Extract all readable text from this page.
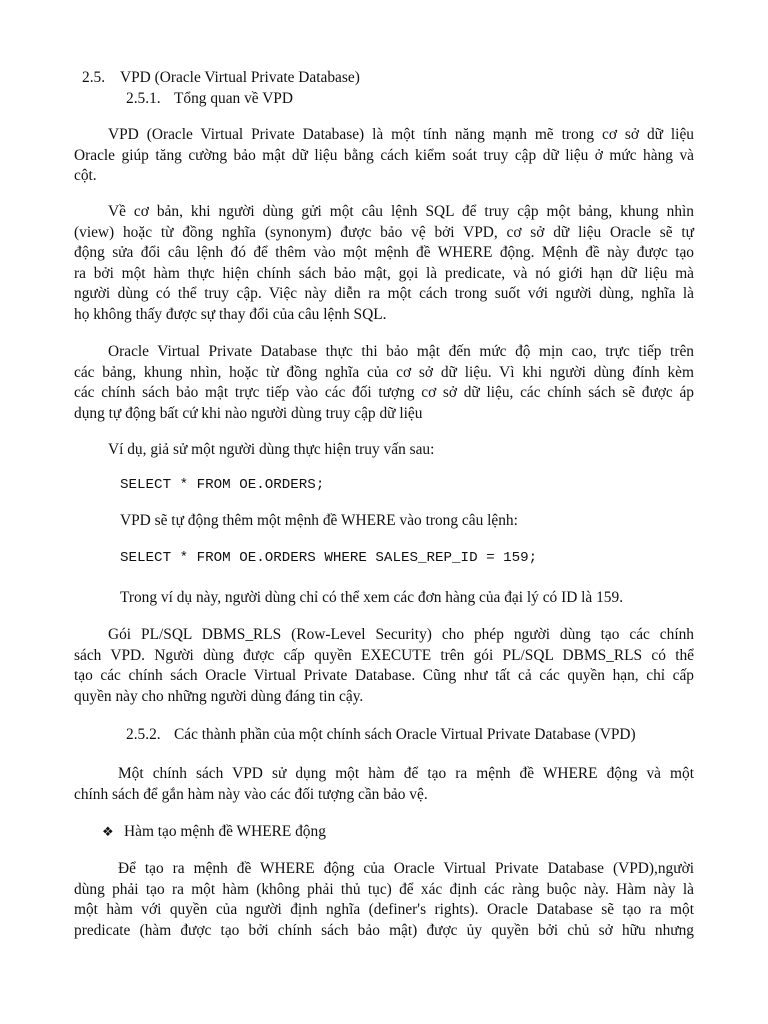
2.5. VPD (Oracle Virtual Private Database)
2.5.1. Tổng quan về VPD
VPD (Oracle Virtual Private Database) là một tính năng mạnh mẽ trong cơ sở dữ liệu
Oracle giúp tăng cường bảo mật dữ liệu bằng cách kiểm soát truy cập dữ liệu ở mức hàng và
cột.
Về cơ bản, khi người dùng gửi một câu lệnh SQL để truy cập một bảng, khung nhìn
(view) hoặc từ đồng nghĩa (synonym) được bảo vệ bởi VPD, cơ sở dữ liệu Oracle sẽ tự
động sửa đổi câu lệnh đó để thêm vào một mệnh đề WHERE động. Mệnh đề này được tạo
ra bởi một hàm thực hiện chính sách bảo mật, gọi là predicate, và nó giới hạn dữ liệu mà
người dùng có thể truy cập. Việc này diễn ra một cách trong suốt với người dùng, nghĩa là
họ không thấy được sự thay đổi của câu lệnh SQL.
Oracle Virtual Private Database thực thi bảo mật đến mức độ mịn cao, trực tiếp trên
các bảng, khung nhìn, hoặc từ đồng nghĩa của cơ sở dữ liệu. Vì khi người dùng đính kèm
các chính sách bảo mật trực tiếp vào các đối tượng cơ sở dữ liệu, các chính sách sẽ được áp
dụng tự động bất cứ khi nào người dùng truy cập dữ liệu

Ví dụ, giả sử một người dùng thực hiện truy vấn sau:

SELECT * FROM OE.ORDERS;

VPD sẽ tự động thêm một mệnh đề WHERE vào trong câu lệnh:

SELECT * FROM OE.ORDERS WHERE SALES_REP_ID = 159;

Trong ví dụ này, người dùng chỉ có thể xem các đơn hàng của đại lý có ID là 159.

Gói PL/SQL DBMS_RLS (Row-Level Security) cho phép người dùng tạo các chính
sách VPD. Người dùng được cấp quyền EXECUTE trên gói PL/SQL DBMS_RLS có thể
tạo các chính sách Oracle Virtual Private Database. Cũng như tất cả các quyền hạn, chỉ cấp
quyền này cho những người dùng đáng tin cậy.
2.5.2. Các thành phần của một chính sách Oracle Virtual Private Database (VPD)
Một chính sách VPD sử dụng một hàm để tạo ra mệnh đề WHERE động và một
chính sách để gắn hàm này vào các đối tượng cần bảo vệ.
❖ Hàm tạo mệnh đề WHERE động
Để tạo ra mệnh đề WHERE động của Oracle Virtual Private Database (VPD),người
dùng phải tạo ra một hàm (không phải thủ tục) để xác định các ràng buộc này. Hàm này là
một hàm với quyền của người định nghĩa (definer's rights). Oracle Database sẽ tạo ra một
predicate (hàm được tạo bởi chính sách bảo mật) được ủy quyền bởi chủ sở hữu nhưng
